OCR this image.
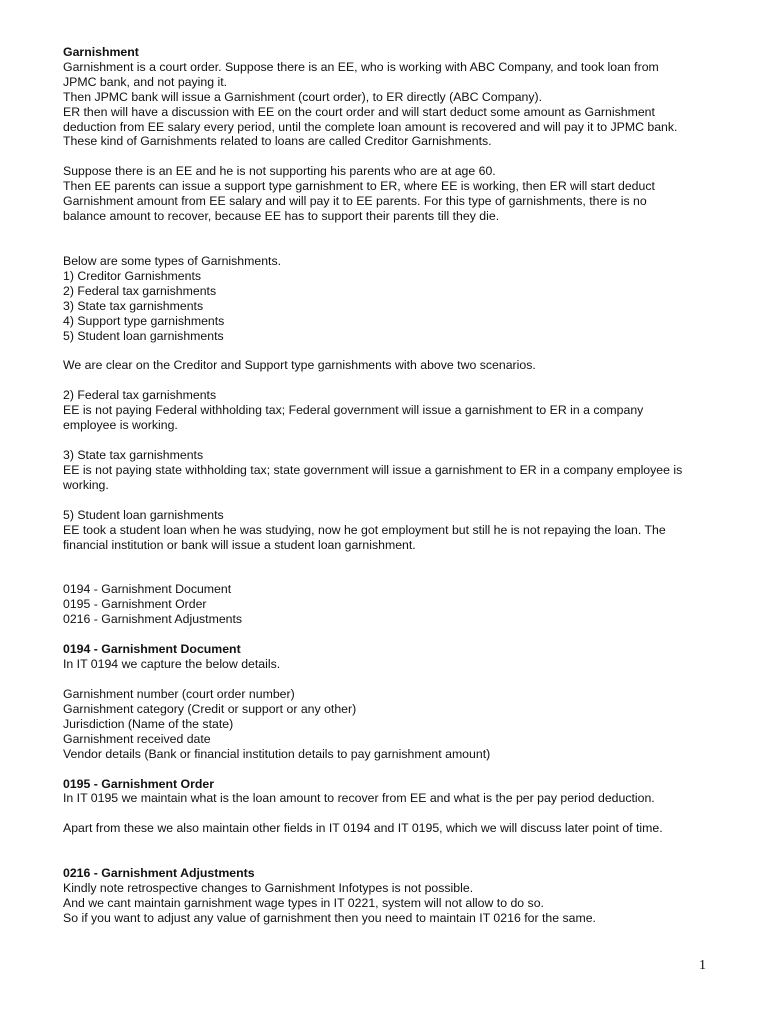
Garnishment
Garnishment is a court order. Suppose there is an EE, who is working with ABC Company, and took loan from
JPMC bank, and not paying it.
Then JPMC bank will issue a Garnishment (court order), to ER directly (ABC Company).
ER then will have a discussion with EE on the court order and will start deduct some amount as Garnishment
deduction from EE salary every period, until the complete loan amount is recovered and will pay it to JPMC bank.
These kind of Garnishments related to loans are called Creditor Garnishments.
Suppose there is an EE and he is not supporting his parents who are at age 60.
Then EE parents can issue a support type garnishment to ER, where EE is working, then ER will start deduct
Garnishment amount from EE salary and will pay it to EE parents. For this type of garnishments, there is no
balance amount to recover, because EE has to support their parents till they die.
Below are some types of Garnishments.
1) Creditor Garnishments
2) Federal tax garnishments
3) State tax garnishments
4) Support type garnishments
5) Student loan garnishments
We are clear on the Creditor and Support type garnishments with above two scenarios.
2) Federal tax garnishments
EE is not paying Federal withholding tax; Federal government will issue a garnishment to ER in a company
employee is working.
3) State tax garnishments
EE is not paying state withholding tax; state government will issue a garnishment to ER in a company employee is
working.
5) Student loan garnishments
EE took a student loan when he was studying, now he got employment but still he is not repaying the loan. The
financial institution or bank will issue a student loan garnishment.
0194 - Garnishment Document
0195 - Garnishment Order
0216 - Garnishment Adjustments
0194 - Garnishment Document
In IT 0194 we capture the below details.
Garnishment number (court order number)
Garnishment category (Credit or support or any other)
Jurisdiction (Name of the state)
Garnishment received date
Vendor details (Bank or financial institution details to pay garnishment amount)
0195 - Garnishment Order
In IT 0195 we maintain what is the loan amount to recover from EE and what is the per pay period deduction.
Apart from these we also maintain other fields in IT 0194 and IT 0195, which we will discuss later point of time.
0216 - Garnishment Adjustments
Kindly note retrospective changes to Garnishment Infotypes is not possible.
And we cant maintain garnishment wage types in IT 0221, system will not allow to do so.
So if you want to adjust any value of garnishment then you need to maintain IT 0216 for the same.
1
